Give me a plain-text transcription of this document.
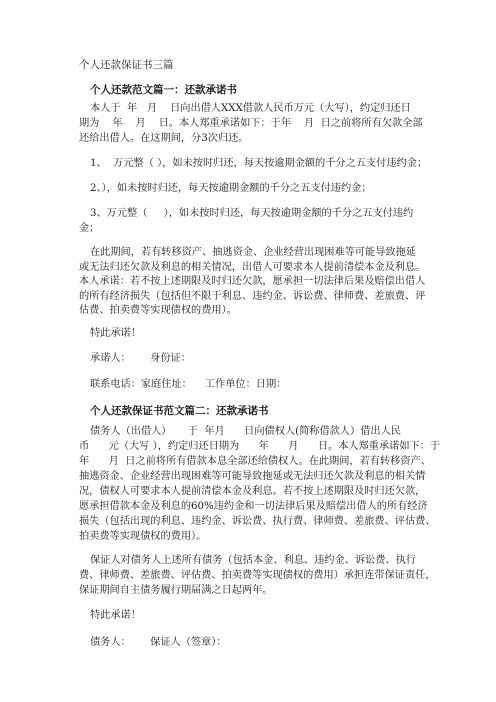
个人还款保证书三篇
个人还款范文篇一：还款承诺书
本人于  年   月    日向出借人XXX借款人民币万元（大写），约定归还日
期为    年    月    日。本人郑重承诺如下：于年    月  日之前将所有欠款全部
还给出借人。在这期间，分3次归还。
1、  万元整（ ），如未按时归还，每天按逾期金额的千分之五支付违约金；
2、），如未按时归还，每天按逾期金额的千分之五支付违约金；
3、万元整（     ），如未按时归还，每天按逾期金额的千分之五支付违约
金；
在此期间，若有转移资产、抽逃资金、企业经营出现困难等可能导致拖延
或无法归还欠款及利息的相关情况，出借人可要求本人提前清偿本金及利息。
本人承诺：若不按上述期限及时归还欠款，愿承担一切法律后果及赔偿出借人
的所有经济损失（包括但不限于利息、违约金、诉讼费、律师费、差旅费、评
估费、拍卖费等实现债权的费用）。
特此承诺！
承诺人：      身份证：
联系电话：家庭住址：    工作单位：日期：
个人还款保证书范文篇二：还款承诺书
债务人（出借人）     于  年月      日向债权人(简称借款人）借出人民
币      元（大写 ），约定归还日期为      年      月      日。本人郑重承诺如下：于
年      月  日之前将所有借款本息全部还给债权人。在此期间，若有转移资产、
抽逃资金、企业经营出现困难等可能导致拖延或无法归还欠款及利息的相关情
况，债权人可要求本人提前清偿本金及利息。若不按上述期限及时归还欠款，
愿承担借款本金及利息的60%违约金和一切法律后果及赔偿出借人的所有经济
损失（包括出现的利息、违约金、诉讼费、执行费、律师费、差旅费、评估费、
拍卖费等实现债权的费用）。
保证人对债务人上述所有债务（包括本金、利息、违约金、诉讼费、执行
费、律师费、差旅费、评估费、拍卖费等实现债权的费用）承担连带保证责任，
保证期间自主债务履行期届满之日起两年。
特此承诺！
债务人：      保证人（签章）：
